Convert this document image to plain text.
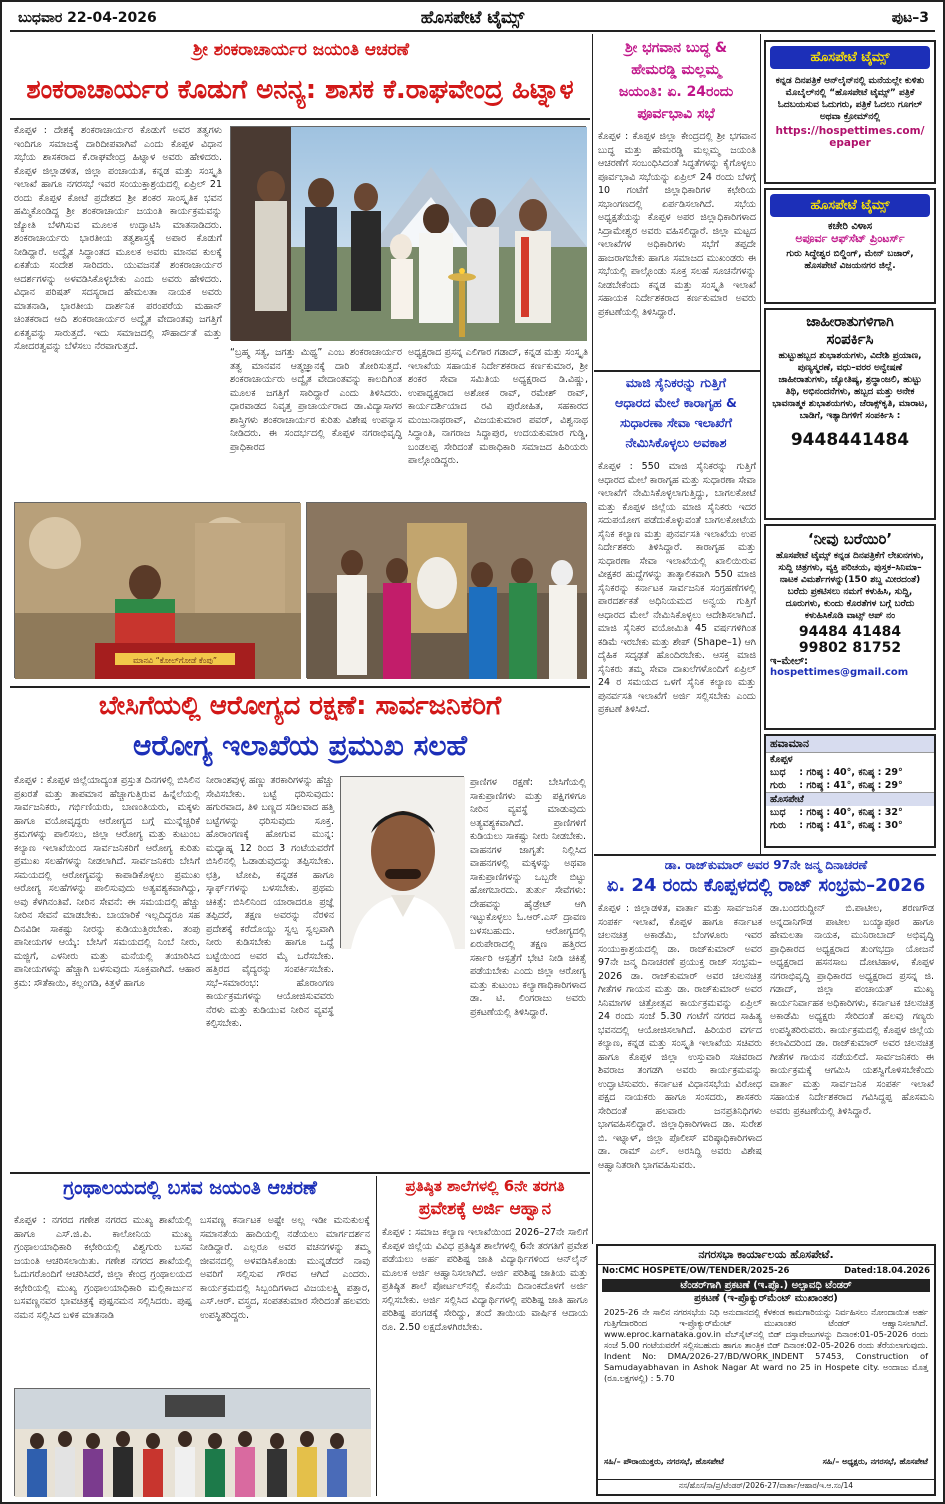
ಬುಧವಾರ 22-04-2026	ಹೊಸಪೇಟೆ ಟೈಮ್ಸ್	ಪುಟ–3
ಶ್ರೀ ಶಂಕರಾಚಾರ್ಯರ ಜಯಂತಿ ಆಚರಣೆ
ಶಂಕರಾಚಾರ್ಯರ ಕೊಡುಗೆ ಅನನ್ಯ: ಶಾಸಕ ಕೆ.ರಾಘವೇಂದ್ರ ಹಿಟ್ನಾಳ
ಕೊಪ್ಪಳ : ದೇಶಕ್ಕೆ ಶಂಕರಾಚಾರ್ಯರ ಕೊಡುಗೆ ಅವರ ತತ್ವಗಳು ಇಂದಿಗೂ ಸಮಾಜಕ್ಕೆ ದಾರಿದೀಪವಾಗಿವೆ ಎಂದು ಕೊಪ್ಪಳ ವಿಧಾನ ಸಭೆಯ ಶಾಸಕರಾದ ಕೆ.ರಾಘವೇಂದ್ರ ಹಿಟ್ನಾಳ ಅವರು ಹೇಳಿದರು. ಕೊಪ್ಪಳ ಜಿಲ್ಲಾಡಳಿತ, ಜಿಲ್ಲಾ ಪಂಚಾಯತ, ಕನ್ನಡ ಮತ್ತು ಸಂಸ್ಕೃತಿ ಇಲಾಖೆ ಹಾಗೂ ನಗರಸಭೆ ಇವರ ಸಂಯುಕ್ತಾಶ್ರಯದಲ್ಲಿ ಏಪ್ರಿಲ್ 21 ರಂದು ಕೊಪ್ಪಳ ಕೋಟೆ ಪ್ರದೇಶದ ಶ್ರೀ ಶಂಕರ ಸಾಂಸ್ಕೃತಿಕ ಭವನ ಹಮ್ಮಿಕೊಂಡಿದ್ದ ಶ್ರೀ ಶಂಕರಾಚಾರ್ಯ ಜಯಂತಿ ಕಾರ್ಯಕ್ರಮವನ್ನು ಜ್ಯೋತಿ ಬೆಳಗಿಸುವ ಮೂಲಕ ಉದ್ಘಾಟಿಸಿ ಮಾತನಾಡಿದರು. ಶಂಕರಾಚಾರ್ಯರು ಭಾರತೀಯ ತತ್ವಶಾಸ್ತ್ರಕ್ಕೆ ಅಪಾರ ಕೊಡುಗೆ ನೀಡಿದ್ದಾರೆ. ಅದ್ವೈತ ಸಿದ್ಧಾಂತದ ಮೂಲಕ ಅವರು ಮಾನವ ಕುಲಕ್ಕೆ ಏಕತೆಯ ಸಂದೇಶ ಸಾರಿದರು. ಯುವಜನತೆ ಶಂಕರಾಚಾರ್ಯರ ಆದರ್ಶಗಳನ್ನು ಅಳವಡಿಸಿಕೊಳ್ಳಬೇಕು ಎಂದು ಅವರು ಹೇಳಿದರು. ವಿಧಾನ ಪರಿಷತ್ ಸದಸ್ಯರಾದ ಹೇಮಲತಾ ನಾಯಕ ಅವರು ಮಾತನಾಡಿ, ಭಾರತೀಯ ದಾರ್ಶನಿಕ ಪರಂಪರೆಯ ಮಹಾನ್ ಚಿಂತಕರಾದ ಆದಿ ಶಂಕರಾಚಾರ್ಯರ ಅದ್ವೈತ ವೇದಾಂತವು ಜಗತ್ತಿಗೆ ಏಕತ್ವವನ್ನು ಸಾರುತ್ತದೆ. ಇದು ಸಮಾಜದಲ್ಲಿ ಸೌಹಾರ್ದತೆ ಮತ್ತು ಸೋದರತ್ವವನ್ನು ಬೆಳೆಸಲು ನೆರವಾಗುತ್ತದೆ.
“ಬ್ರಹ್ಮ ಸತ್ಯ, ಜಗತ್ತು ಮಿಥ್ಯ” ಎಂಬ ಶಂಕರಾಚಾರ್ಯರ ತತ್ವ ಮಾನವನ ಆತ್ಮಜ್ಞಾನಕ್ಕೆ ದಾರಿ ತೋರಿಸುತ್ತದೆ. ಶಂಕರಾಚಾರ್ಯರು ಅದ್ವೈತ ವೇದಾಂತವನ್ನು ಕಾಲದಿಗಿಂತ ಮೂಲಕ ಜಗತ್ತಿಗೆ ಸಾರಿದ್ದಾರೆ ಎಂದು ತಿಳಿಸಿದರು. ಧಾರವಾಡದ ನಿವೃತ್ತ ಪ್ರಾಚಾರ್ಯರಾದ ಡಾ.ವಿದ್ಯಾಸಾಗರ ಶಾಸ್ತ್ರಿಗಳು ಶಂಕರಾಚಾರ್ಯರ ಕುರಿತು ವಿಶೇಷ ಉಪನ್ಯಾಸ ನೀಡಿದರು. ಈ ಸಂದರ್ಭದಲ್ಲಿ ಕೊಪ್ಪಳ ನಗರಾಭಿವೃದ್ಧಿ ಪ್ರಾಧಿಕಾರದ
ಅಧ್ಯಕ್ಷರಾದ ಪ್ರಸನ್ನ ಎಲಿಗಾರ ಗಡಾದ್, ಕನ್ನಡ ಮತ್ತು ಸಂಸ್ಕೃತಿ ಇಲಾಖೆಯ ಸಹಾಯಕ ನಿರ್ದೇಶಕರಾದ ಕರ್ಣಕುಮಾರ, ಶ್ರೀ ಶಂಕರ ಸೇವಾ ಸಮಿತಿಯ ಅಧ್ಯಕ್ಷರಾದ ಡಿ.ವಿಷ್ಣು, ಉಪಾಧ್ಯಕ್ಷರಾದ ಅಶೋಕ ರಾವ್, ರಮೇಶ್ ರಾವ್, ಕಾರ್ಯದರ್ಶಿಯಾದ ರವಿ ಪುರೋಹಿತ, ಸಹಕಾರದ ಮಂಜುನಾಥರಾವ್, ವಿಜಯಕುಮಾರ ಪವರ್, ವಿಶ್ವನಾಥ ಸಿದ್ಧಾಂತಿ, ನಾಗರಾಜ ಸಿದ್ದಾಪುರ, ಉದಯಕುಮಾರ ಗುಡ್ಡಿ, ಬಂಡಲಪ್ಪ ಸೇರಿದಂತೆ ಮಠಾಧಿಕಾರಿ ಸಮಾಜದ ಹಿರಿಯರು ಪಾಲ್ಗೊಂಡಿದ್ದರು.
ಮಾನವಿ “ಕೋಲ್‌ಗೋಡೆ ಕೆಂಪು”
ಬೇಸಿಗೆಯಲ್ಲಿ ಆರೋಗ್ಯದ ರಕ್ಷಣೆ: ಸಾರ್ವಜನಿಕರಿಗೆ
ಆರೋಗ್ಯ ಇಲಾಖೆಯ ಪ್ರಮುಖ ಸಲಹೆ
ಕೊಪ್ಪಳ : ಕೊಪ್ಪಳ ಜಿಲ್ಲೆಯಾದ್ಯಂತ ಪ್ರಸ್ತುತ ದಿನಗಳಲ್ಲಿ ಬಿಸಿಲಿನ ಪ್ರಖರತೆ ಮತ್ತು ತಾಪಮಾನ ಹೆಚ್ಚಾಗುತ್ತಿರುವ ಹಿನ್ನೆಲೆಯಲ್ಲಿ ಸಾರ್ವಜನಿಕರು, ಗರ್ಭಿಣಿಯರು, ಬಾಣಂತಿಯರು, ಮಕ್ಕಳು ಹಾಗೂ ವಯೋವೃದ್ಧರು ಆರೋಗ್ಯದ ಬಗ್ಗೆ ಮುನ್ನೆಚ್ಚರಿಕೆ ಕ್ರಮಗಳನ್ನು ಪಾಲಿಸಲು, ಜಿಲ್ಲಾ ಆರೋಗ್ಯ ಮತ್ತು ಕುಟುಂಬ ಕಲ್ಯಾಣ ಇಲಾಖೆಯಿಂದ ಸಾರ್ವಜನಿಕರಿಗೆ ಆರೋಗ್ಯ ಕುರಿತು ಪ್ರಮುಖ ಸಲಹೆಗಳನ್ನು ನೀಡಲಾಗಿದೆ. ಸಾರ್ವಜನಿಕರು ಬೇಸಿಗೆ ಸಮಯದಲ್ಲಿ ಆರೋಗ್ಯವನ್ನು ಕಾಪಾಡಿಕೊಳ್ಳಲು ಪ್ರಮುಖ ಆರೋಗ್ಯ ಸಲಹೆಗಳನ್ನು ಪಾಲಿಸುವುದು ಅತ್ಯವಶ್ಯಕವಾಗಿದ್ದು, ಅವು ಕೆಳಗಿನಂತಿವೆ. ನೀರಿನ ಸೇವನೆ: ಈ ಸಮಯದಲ್ಲಿ ಹೆಚ್ಚು ನೀರಿನ ಸೇವನೆ ಮಾಡಬೇಕು. ಬಾಯಾರಿಕೆ ಇಲ್ಲದಿದ್ದರೂ ಸಹ ದಿನವಿಡೀ ಸಾಕಷ್ಟು ನೀರನ್ನು ಕುಡಿಯುತ್ತಿರಬೇಕು. ತಂಪು ಪಾನೀಯಗಳ ಆಯ್ಕೆ: ಬೇಸಿಗೆ ಸಮಯದಲ್ಲಿ ನಿಂಬೆ ನೀರು, ಮಜ್ಜಿಗೆ, ಎಳನೀರು ಮತ್ತು ಮನೆಯಲ್ಲಿ ತಯಾರಿಸಿದ ಪಾನೀಯಗಳನ್ನು ಹೆಚ್ಚಾಗಿ ಬಳಸುವುದು ಸೂಕ್ತವಾಗಿದೆ. ಆಹಾರ ಕ್ರಮ: ಸೌತೆಕಾಯಿ, ಕಲ್ಲಂಗಡಿ, ಕಿತ್ತಳೆ ಹಾಗೂ
ನೀರಾಂಶವುಳ್ಳ ಹಣ್ಣು ತರಕಾರಿಗಳನ್ನು ಹೆಚ್ಚು ಸೇವಿಸಬೇಕು. ಬಟ್ಟೆ ಧರಿಸುವುದು: ಹಗುರವಾದ, ತಿಳಿ ಬಣ್ಣದ ಸಡಿಲವಾದ ಹತ್ತಿ ಬಟ್ಟೆಗಳನ್ನು ಧರಿಸುವುದು ಸೂಕ್ತ. ಹೊರಾಂಗಣಕ್ಕೆ ಹೋಗುವ ಮುನ್ನ: ಮಧ್ಯಾಹ್ನ 12 ರಿಂದ 3 ಗಂಟೆಯವರೆಗೆ ಬಿಸಿಲಿನಲ್ಲಿ ಓಡಾಡುವುದನ್ನು ತಪ್ಪಿಸಬೇಕು. ಛತ್ರಿ, ಟೋಪಿ, ಕನ್ನಡಕ ಹಾಗೂ ಸ್ಕಾರ್ಫ್‌ಗಳನ್ನು ಬಳಸಬೇಕು. ಪ್ರಥಮ ಚಿಕಿತ್ಸೆ: ಬಿಸಿಲಿನಿಂದ ಯಾರಾದರೂ ಪ್ರಜ್ಞೆ ತಪ್ಪಿದರೆ, ತಕ್ಷಣ ಅವರನ್ನು ನೆರಳಿನ ಪ್ರದೇಶಕ್ಕೆ ಕರೆದೊಯ್ದು ಸ್ವಲ್ಪ ಸ್ವಲ್ಪವಾಗಿ ನೀರು ಕುಡಿಸಬೇಕು ಹಾಗೂ ಒದ್ದೆ ಬಟ್ಟೆಯಿಂದ ಅವರ ಮೈ ಒರೆಸಬೇಕು. ಹತ್ತಿರದ ವೈದ್ಯರನ್ನು ಸಂಪರ್ಕಿಸಬೇಕು. ಸಭೆ–ಸಮಾರಂಭ: ಹೊರಾಂಗಣ ಕಾರ್ಯಕ್ರಮಗಳನ್ನು ಆಯೋಜಿಸುವವರು ನೆರಳು ಮತ್ತು ಕುಡಿಯುವ ನೀರಿನ ವ್ಯವಸ್ಥೆ ಕಲ್ಪಿಸಬೇಕು.
ಪ್ರಾಣಿಗಳ ರಕ್ಷಣೆ: ಬೇಸಿಗೆಯಲ್ಲಿ ಸಾಕುಪ್ರಾಣಿಗಳು ಮತ್ತು ಪಕ್ಷಿಗಳಿಗೂ ನೀರಿನ ವ್ಯವಸ್ಥೆ ಮಾಡುವುದು ಅತ್ಯವಶ್ಯಕವಾಗಿದೆ. ಪ್ರಾಣಿಗಳಿಗೆ ಕುಡಿಯಲು ಸಾಕಷ್ಟು ನೀರು ನೀಡಬೇಕು. ವಾಹನಗಳ ಜಾಗೃತೆ: ನಿಲ್ಲಿಸಿದ ವಾಹನಗಳಲ್ಲಿ ಮಕ್ಕಳನ್ನು ಅಥವಾ ಸಾಕುಪ್ರಾಣಿಗಳನ್ನು ಒಬ್ಬರೇ ಬಿಟ್ಟು ಹೋಗಬಾರದು. ತುರ್ತು ಸೇವೆಗಳು: ದೇಹವನ್ನು ಹೈಡ್ರೇಟ್ ಆಗಿ ಇಟ್ಟುಕೊಳ್ಳಲು ಓ.ಆರ್.ಎಸ್ ದ್ರಾವಣ ಬಳಸಬಹುದು. ಆರೋಗ್ಯದಲ್ಲಿ ಏರುಪೇರಾದಲ್ಲಿ ತಕ್ಷಣ ಹತ್ತಿರದ ಸರ್ಕಾರಿ ಆಸ್ಪತ್ರೆಗೆ ಭೇಟಿ ನೀಡಿ ಚಿಕಿತ್ಸೆ ಪಡೆಯಬೇಕು ಎಂದು ಜಿಲ್ಲಾ ಆರೋಗ್ಯ ಮತ್ತು ಕುಟುಂಬ ಕಲ್ಯಾಣಾಧಿಕಾರಿಗಳಾದ ಡಾ. ಟಿ. ಲಿಂಗರಾಜು ಅವರು ಪ್ರಕಟಣೆಯಲ್ಲಿ ತಿಳಿಸಿದ್ದಾರೆ.
ಗ್ರಂಥಾಲಯದಲ್ಲಿ ಬಸವ ಜಯಂತಿ ಆಚರಣೆ
ಕೊಪ್ಪಳ : ನಗರದ ಗಣೇಶ ನಗರದ ಮುಖ್ಯ ಶಾಖೆಯಲ್ಲಿ ಹಾಗೂ ಎಸ್.ಜಿ.ಪಿ. ಕಾಲೋನಿಯ ಮುಖ್ಯ ಗ್ರಂಥಾಲಯಾಧಿಕಾರಿ ಕಛೇರಿಯಲ್ಲಿ ವಿಶ್ವಗುರು ಬಸವ ಜಯಂತಿ ಆಚರಿಸಲಾಯಿತು. ಗಣೇಶ ನಗರದ ಶಾಖೆಯಲ್ಲಿ ಓದುಗರೊಂದಿಗೆ ಆಚರಿಸಿದರೆ, ಜಿಲ್ಲಾ ಕೇಂದ್ರ ಗ್ರಂಥಾಲಯದ ಕಛೇರಿಯಲ್ಲಿ ಮುಖ್ಯ ಗ್ರಂಥಾಲಯಾಧಿಕಾರಿ ಮಲ್ಲಿಕಾರ್ಜುನ ಬಸವಣ್ಣನವರ ಭಾವಚಿತ್ರಕ್ಕೆ ಪುಷ್ಪನಮನ ಸಲ್ಲಿಸಿದರು. ಪುಷ್ಪ ನಮನ ಸಲ್ಲಿಸಿದ ಬಳಿಕ ಮಾತನಾಡಿ
ಬಸವಣ್ಣ ಕರ್ನಾಟಕ ಅಷ್ಟೇ ಅಲ್ಲ ಇಡೀ ಮನುಕುಲಕ್ಕೆ ಸಮಾನತೆಯ ಹಾದಿಯಲ್ಲಿ ನಡೆಯಲು ಮಾರ್ಗದರ್ಶನ ನೀಡಿದ್ದಾರೆ. ಎಲ್ಲರೂ ಅವರ ವಚನಗಳನ್ನು ತಮ್ಮ ಜೀವನದಲ್ಲಿ ಅಳವಡಿಸಿಕೊಂಡು ಮುನ್ನಡೆದರೆ ನಾವು ಅವರಿಗೆ ಸಲ್ಲಿಸುವ ಗೌರವ ಆಗಿದೆ ಎಂದರು. ಕಾರ್ಯಕ್ರಮದಲ್ಲಿ ಸಿಬ್ಬಂದಿಗಳಾದ ವಿಜಯಲಕ್ಷ್ಮಿ ಪತ್ತಾರ, ಎಸ್.ಆರ್. ವಸ್ತ್ರದ, ಸಂಪತಕುಮಾರ ಸೇರಿದಂತೆ ಹಲವರು ಉಪಸ್ಥಿತರಿದ್ದರು.
ಪ್ರತಿಷ್ಠಿತ ಶಾಲೆಗಳಲ್ಲಿ 6ನೇ ತರಗತಿ
ಪ್ರವೇಶಕ್ಕೆ ಅರ್ಜಿ ಆಹ್ವಾನ
ಕೊಪ್ಪಳ : ಸಮಾಜ ಕಲ್ಯಾಣ ಇಲಾಖೆಯಿಂದ 2026–27ನೇ ಸಾಲಿಗೆ ಕೊಪ್ಪಳ ಜಿಲ್ಲೆಯ ವಿವಿಧ ಪ್ರತಿಷ್ಠಿತ ಶಾಲೆಗಳಲ್ಲಿ 6ನೇ ತರಗತಿಗೆ ಪ್ರವೇಶ ಪಡೆಯಲು ಅರ್ಹ ಪರಿಶಿಷ್ಟ ಜಾತಿ ವಿದ್ಯಾರ್ಥಿಗಳಿಂದ ಆನ್‌ಲೈನ್ ಮೂಲಕ ಅರ್ಜಿ ಆಹ್ವಾನಿಸಲಾಗಿದೆ. ಅರ್ಜಿ ಪರಿಶಿಷ್ಟ ಜಾತಿಯ ಮತ್ತು ಪ್ರತಿಷ್ಠಿತ ಶಾಲೆ ಪೋರ್ಟಲ್‌ನಲ್ಲಿ ಕೊನೆಯ ದಿನಾಂಕದೊಳಗೆ ಅರ್ಜಿ ಸಲ್ಲಿಸಬೇಕು. ಅರ್ಜಿ ಸಲ್ಲಿಸಿದ ವಿದ್ಯಾರ್ಥಿಗಳಲ್ಲಿ ಪರಿಶಿಷ್ಟ ಜಾತಿ ಹಾಗೂ ಪರಿಶಿಷ್ಟ ಪಂಗಡಕ್ಕೆ ಸೇರಿದ್ದು, ತಂದೆ ತಾಯಿಯ ವಾರ್ಷಿಕ ಆದಾಯ ರೂ. 2.50 ಲಕ್ಷದೊಳಗಿರಬೇಕು.
ಶ್ರೀ ಭಗವಾನ ಬುದ್ಧ &
ಹೇಮರಡ್ಡಿ ಮಲ್ಲಮ್ಮ
ಜಯಂತಿ: ಏ. 24ರಂದು
ಪೂರ್ವಭಾವಿ ಸಭೆ
ಕೊಪ್ಪಳ : ಕೊಪ್ಪಳ ಜಿಲ್ಲಾ ಕೇಂದ್ರದಲ್ಲಿ ಶ್ರೀ ಭಗವಾನ ಬುದ್ಧ ಮತ್ತು ಹೇಮರಡ್ಡಿ ಮಲ್ಲಮ್ಮ ಜಯಂತಿ ಆಚರಣೆಗೆ ಸಂಬಂಧಿಸಿದಂತೆ ಸಿದ್ಧತೆಗಳನ್ನು ಕೈಗೊಳ್ಳಲು ಪೂರ್ವಭಾವಿ ಸಭೆಯನ್ನು ಏಪ್ರಿಲ್ 24 ರಂದು ಬೆಳಗ್ಗೆ 10 ಗಂಟೆಗೆ ಜಿಲ್ಲಾಧಿಕಾರಿಗಳ ಕಛೇರಿಯ ಸಭಾಂಗಣದಲ್ಲಿ ಏರ್ಪಡಿಸಲಾಗಿದೆ. ಸಭೆಯ ಅಧ್ಯಕ್ಷತೆಯನ್ನು ಕೊಪ್ಪಳ ಅಪರ ಜಿಲ್ಲಾಧಿಕಾರಿಗಳಾದ ಸಿದ್ರಾಮೇಶ್ವರ ಅವರು ವಹಿಸಲಿದ್ದಾರೆ. ಜಿಲ್ಲಾ ಮಟ್ಟದ ಇಲಾಖೆಗಳ ಅಧಿಕಾರಿಗಳು ಸಭೆಗೆ ತಪ್ಪದೇ ಹಾಜರಾಗಬೇಕು ಹಾಗೂ ಸಮಾಜದ ಮುಖಂಡರು ಈ ಸಭೆಯಲ್ಲಿ ಪಾಲ್ಗೊಂಡು ಸೂಕ್ತ ಸಲಹೆ ಸೂಚನೆಗಳನ್ನು ನೀಡಬೇಕೆಂದು ಕನ್ನಡ ಮತ್ತು ಸಂಸ್ಕೃತಿ ಇಲಾಖೆ ಸಹಾಯಕ ನಿರ್ದೇಶಕರಾದ ಕರ್ಣಕುಮಾರ ಅವರು ಪ್ರಕಟಣೆಯಲ್ಲಿ ತಿಳಿಸಿದ್ದಾರೆ.
ಮಾಜಿ ಸೈನಿಕರನ್ನು ಗುತ್ತಿಗೆ
ಆಧಾರದ ಮೇಲೆ ಕಾರಾಗೃಹ &
ಸುಧಾರಣಾ ಸೇವಾ ಇಲಾಖೆಗೆ
ನೇಮಿಸಿಕೊಳ್ಳಲು ಅವಕಾಶ
ಕೊಪ್ಪಳ : 550 ಮಾಜಿ ಸೈನಿಕರನ್ನು ಗುತ್ತಿಗೆ ಆಧಾರದ ಮೇಲೆ ಕಾರಾಗೃಹ ಮತ್ತು ಸುಧಾರಣಾ ಸೇವಾ ಇಲಾಖೆಗೆ ನೇಮಿಸಿಕೊಳ್ಳಲಾಗುತ್ತಿದ್ದು, ಬಾಗಲಕೋಟೆ ಮತ್ತು ಕೊಪ್ಪಳ ಜಿಲ್ಲೆಯ ಮಾಜಿ ಸೈನಿಕರು ಇದರ ಸದುಪಯೋಗ ಪಡೆದುಕೊಳ್ಳುವಂತೆ ಬಾಗಲಕೋಟೆಯ ಸೈನಿಕ ಕಲ್ಯಾಣ ಮತ್ತು ಪುನರ್ವಸತಿ ಇಲಾಖೆಯ ಉಪ ನಿರ್ದೇಶಕರು ತಿಳಿಸಿದ್ದಾರೆ. ಕಾರಾಗೃಹ ಮತ್ತು ಸುಧಾರಣಾ ಸೇವಾ ಇಲಾಖೆಯಲ್ಲಿ ಖಾಲಿಯಿರುವ ವೀಕ್ಷಕರ ಹುದ್ದೆಗಳನ್ನು ತಾತ್ಕಾಲಿಕವಾಗಿ 550 ಮಾಜಿ ಸೈನಿಕರನ್ನು ಕರ್ನಾಟಕ ಸಾರ್ವಜನಿಕ ಸಂಗ್ರಹಣೆಗಳಲ್ಲಿ ಪಾರದರ್ಶಕತೆ ಅಧಿನಿಯಮದ ಅನ್ವಯ ಗುತ್ತಿಗೆ ಆಧಾರದ ಮೇಲೆ ನೇಮಿಸಿಕೊಳ್ಳಲು ಆದೇಶಿಸಲಾಗಿದೆ. ಮಾಜಿ ಸೈನಿಕರ ವಯೋಮಿತಿ 45 ವರ್ಷಗಳಿಗಿಂತ ಕಡಿಮೆ ಇರಬೇಕು ಮತ್ತು ಶೇಪ್ (Shape–1) ಆಗಿ ದೈಹಿಕ ಸದೃಢತೆ ಹೊಂದಿರಬೇಕು. ಆಸಕ್ತ ಮಾಜಿ ಸೈನಿಕರು ತಮ್ಮ ಸೇವಾ ದಾಖಲೆಗಳೊಂದಿಗೆ ಏಪ್ರಿಲ್ 24 ರ ಸಮಯದ ಒಳಗೆ ಸೈನಿಕ ಕಲ್ಯಾಣ ಮತ್ತು ಪುನರ್ವಸತಿ ಇಲಾಖೆಗೆ ಅರ್ಜಿ ಸಲ್ಲಿಸಬೇಕು ಎಂದು ಪ್ರಕಟಣೆ ತಿಳಿಸಿದೆ.
ಹೊಸಪೇಟೆ ಟೈಮ್ಸ್
ಕನ್ನಡ ದಿನಪತ್ರಿಕೆ ಆನ್‌ಲೈನ್‌ನಲ್ಲಿ ಮನೆಯಲ್ಲೇ ಕುಳಿತು ಮೊಬೈಲ್‌ನಲ್ಲಿ “ಹೊಸಪೇಟೆ ಟೈಮ್ಸ್” ಪತ್ರಿಕೆ ಓದಬಯಸುವ ಓದುಗರು, ಪತ್ರಿಕೆ ಓದಲು ಗೂಗಲ್ ಅಥವಾ ಕ್ರೋಮ್‌ನಲ್ಲಿ
https://hospettimes.com/
epaper
ಹೊಸಪೇಟೆ ಟೈಮ್ಸ್
ಕಚೇರಿ ವಿಳಾಸ
ಅಪೂರ್ವ ಆಫ್‌ಸೆಟ್ ಪ್ರಿಂಟರ್ಸ್
ಗುರು ಸಿದ್ಧೇಶ್ವರ ಬಿಲ್ಡಿಂಗ್, ಮೇನ್ ಬಜಾರ್, ಹೊಸಪೇಟೆ ವಿಜಯನಗರ ಜಿಲ್ಲೆ.
ಜಾಹೀರಾತುಗಳಿಗಾಗಿ
ಸಂಪರ್ಕಿಸಿ
ಹುಟ್ಟುಹಬ್ಬದ ಶುಭಾಶಯಗಳು, ವಿದೇಶಿ ಪ್ರಯಾಣ, ಪುಣ್ಯಸ್ಮರಣೆ, ವಧು–ವರರ ಅನ್ವೇಷಣೆ ಜಾಹೀರಾತುಗಳು, ಜ್ಯೋತಿಷ್ಯ, ಶ್ರದ್ಧಾಂಜಲಿ, ಹುಟ್ಟು ತಿಥಿ, ಅಭಿನಂದನೆಗಳು, ಹಬ್ಬದ ಮತ್ತು ಅನೇಕ ಭಾವನಾತ್ಮಕ ಶುಭಾಶಯಗಳು, ಜೆರಾಕ್ಸ್‌ಕೃತಿ, ಮಾರಾಟ, ಬಾಡಿಗೆ, ಇತ್ಯಾದಿಗಳಿಗೆ ಸಂಪರ್ಕಿಸಿ :
9448441484
‘ನೀವು ಬರೆಯಿರಿ’
ಹೊಸಪೇಟೆ ಟೈಮ್ಸ್ ಕನ್ನಡ ದಿನಪತ್ರಿಕೆಗೆ ಲೇಖನಗಳು, ಸುದ್ದಿ ಚಿತ್ರಗಳು, ವ್ಯಕ್ತಿ ಪರಿಚಯ, ಪುಸ್ತಕ–ಸಿನಿಮಾ–ನಾಟಕ ವಿಮರ್ಶೆಗಳನ್ನು(150 ಶಬ್ದ ಮೀರದಂತೆ) ಬರೆದು ಪ್ರಕಟಿಸಲು ನಮಗೆ ಕಳುಹಿಸಿ, ಸುದ್ದಿ, ದೂರುಗಳು, ಕುಂದು ಕೊರತೆಗಳ ಬಗ್ಗೆ ಬರೆದು ಕಳುಹಿಸಿಕೊಡಿ ವಾಟ್ಸ್ ಆಪ್ ನಂ
94484 41484
99802 81752
ಇ–ಮೇಲ್: hospettimes@gmail.com
ಹವಾಮಾನ
ಕೊಪ್ಪಳ
ಬುಧ : ಗರಿಷ್ಠ : 40°, ಕನಿಷ್ಠ : 29°
ಗುರು : ಗರಿಷ್ಠ : 41°, ಕನಿಷ್ಠ : 29°
ಹೊಸಪೇಟೆ
ಬುಧ : ಗರಿಷ್ಠ : 40°, ಕನಿಷ್ಠ : 32°
ಗುರು : ಗರಿಷ್ಠ : 41°, ಕನಿಷ್ಠ : 30°
ಡಾ. ರಾಜ್‌ಕುಮಾರ್ ಅವರ 97ನೇ ಜನ್ಮ ದಿನಾಚರಣೆ
ಏ. 24 ರಂದು ಕೊಪ್ಪಳದಲ್ಲಿ ರಾಜ್ ಸಂಭ್ರಮ–2026
ಕೊಪ್ಪಳ : ಜಿಲ್ಲಾಡಳಿತ, ವಾರ್ತಾ ಮತ್ತು ಸಾರ್ವಜನಿಕ ಸಂಪರ್ಕ ಇಲಾಖೆ, ಕೊಪ್ಪಳ ಹಾಗೂ ಕರ್ನಾಟಕ ಚಲನಚಿತ್ರ ಅಕಾಡೆಮಿ, ಬೆಂಗಳೂರು ಇವರ ಸಂಯುಕ್ತಾಶ್ರಯದಲ್ಲಿ ಡಾ. ರಾಜ್‌ಕುಮಾರ್ ಅವರ 97ನೇ ಜನ್ಮ ದಿನಾಚರಣೆ ಪ್ರಯುಕ್ತ ರಾಜ್ ಸಂಭ್ರಮ–2026 ಡಾ. ರಾಜ್‌ಕುಮಾರ್ ಅವರ ಚಲನಚಿತ್ರ ಗೀತೆಗಳ ಗಾಯನ ಮತ್ತು ಡಾ. ರಾಜ್‌ಕುಮಾರ್ ಅವರ ಸಿನಿಮಾಗಳ ಚಿತ್ರೋತ್ಸವ ಕಾರ್ಯಕ್ರಮವನ್ನು ಏಪ್ರಿಲ್ 24 ರಂದು ಸಂಜೆ 5.30 ಗಂಟೆಗೆ ನಗರದ ಸಾಹಿತ್ಯ ಭವನದಲ್ಲಿ ಆಯೋಜಿಸಲಾಗಿದೆ. ಹಿರಿಯರ ವರ್ಗದ ಕಲ್ಯಾಣ, ಕನ್ನಡ ಮತ್ತು ಸಂಸ್ಕೃತಿ ಇಲಾಖೆಯ ಸಚಿವರು ಹಾಗೂ ಕೊಪ್ಪಳ ಜಿಲ್ಲಾ ಉಸ್ತುವಾರಿ ಸಚಿವರಾದ ಶಿವರಾಜ ತಂಗಡಗಿ ಅವರು ಕಾರ್ಯಕ್ರಮವನ್ನು ಉದ್ಘಾಟಿಸುವರು. ಕರ್ನಾಟಕ ವಿಧಾನಸಭೆಯ ವಿರೋಧ ಪಕ್ಷದ ನಾಯಕರು ಹಾಗೂ ಸಂಸದರು, ಶಾಸಕರು ಸೇರಿದಂತೆ ಹಲವಾರು ಜನಪ್ರತಿನಿಧಿಗಳು ಭಾಗವಹಿಸಲಿದ್ದಾರೆ. ಜಿಲ್ಲಾಧಿಕಾರಿಗಳಾದ ಡಾ. ಸುರೇಶ ಬಿ. ಇಟ್ನಾಳ್, ಜಿಲ್ಲಾ ಪೊಲೀಸ್ ವರಿಷ್ಠಾಧಿಕಾರಿಗಳಾದ ಡಾ. ರಾಮ್ ಎಲ್. ಅರಸಿದ್ದಿ ಅವರು ವಿಶೇಷ ಆಹ್ವಾನಿತರಾಗಿ ಭಾಗವಹಿಸುವರು.
ಡಾ.ಬಂದರುದ್ದೀನ್ ಬಿ.ಪಾಟೀಲ, ಶರಣಗೌಡ ಅನ್ನದಾನಿಗೌಡ ಪಾಟೀಲ ಬಯ್ಯಾಪೂರ ಹಾಗೂ ಹೇಮಲತಾ ನಾಯಕ, ಮುನಿರಾಬಾದ್ ಅಭಿವೃದ್ಧಿ ಪ್ರಾಧಿಕಾರದ ಅಧ್ಯಕ್ಷರಾದ ತುಂಗಭದ್ರಾ ಯೋಜನೆ ಅಧ್ಯಕ್ಷರಾದ ಹಸನಸಾಬ ದೋಟಿಹಾಳ, ಕೊಪ್ಪಳ ನಗರಾಭಿವೃದ್ಧಿ ಪ್ರಾಧಿಕಾರದ ಅಧ್ಯಕ್ಷರಾದ ಪ್ರಸನ್ನ ಜಿ. ಗಡಾದ್, ಜಿಲ್ಲಾ ಪಂಚಾಯತ್ ಮುಖ್ಯ ಕಾರ್ಯನಿರ್ವಾಹಕ ಅಧಿಕಾರಿಗಳು, ಕರ್ನಾಟಕ ಚಲನಚಿತ್ರ ಅಕಾಡೆಮಿ ಅಧ್ಯಕ್ಷರು ಸೇರಿದಂತೆ ಹಲವು ಗಣ್ಯರು ಉಪಸ್ಥಿತರಿರುವರು. ಕಾರ್ಯಕ್ರಮದಲ್ಲಿ ಕೊಪ್ಪಳ ಜಿಲ್ಲೆಯ ಕಲಾವಿದರಿಂದ ಡಾ. ರಾಜ್‌ಕುಮಾರ್ ಅವರ ಚಲನಚಿತ್ರ ಗೀತೆಗಳ ಗಾಯನ ನಡೆಯಲಿದೆ. ಸಾರ್ವಜನಿಕರು ಈ ಕಾರ್ಯಕ್ರಮಕ್ಕೆ ಆಗಮಿಸಿ ಯಶಸ್ವಿಗೊಳಿಸಬೇಕೆಂದು ವಾರ್ತಾ ಮತ್ತು ಸಾರ್ವಜನಿಕ ಸಂಪರ್ಕ ಇಲಾಖೆ ಸಹಾಯಕ ನಿರ್ದೇಶಕರಾದ ಗವಿಸಿದ್ದಪ್ಪ ಹೊಸಮನಿ ಅವರು ಪ್ರಕಟಣೆಯಲ್ಲಿ ತಿಳಿಸಿದ್ದಾರೆ.
ನಗರಸಭಾ ಕಾರ್ಯಾಲಯ ಹೊಸಪೇಟೆ.
No:CMC HOSPETE/OW/TENDER/2025-26	Dated:18.04.2026
ಟೆಂಡರ್‌ಗಾಗಿ ಪ್ರಕಟಣೆ (ಇ.ಪ್ರೊ.) ಅಲ್ಪಾವಧಿ ಟೆಂಡರ್
ಪ್ರಕಟಣೆ (ಇ-ಪ್ರೊಕ್ಯುರ್‌ಮೆಂಟ್ ಮುಖಾಂತರ)
2025-26 ನೇ ಸಾಲಿನ ನಗರಸಭೆಯ ನಿಧಿ ಅನುದಾನದಲ್ಲಿ ಕೆಳಕಂಡ ಕಾಮಗಾರಿಯನ್ನು ನಿರ್ವಹಿಸಲು ನೋಂದಾಯಿತ ಅರ್ಹ ಗುತ್ತಿಗೆದಾರರಿಂದ ಇ-ಪ್ರೊಕ್ಯುರ್‌ಮೆಂಟ್ ಮುಖಾಂತರ ಟೆಂಡರ್ ಆಹ್ವಾನಿಸಲಾಗಿದೆ. www.eproc.karnataka.gov.in ವೆಬ್‌ಸೈಟ್‌ನಲ್ಲಿ ಬಿಡ್ ದಸ್ತಾವೇಜುಗಳನ್ನು ದಿನಾಂಕ:01-05-2026 ರಂದು ಸಂಜೆ 5.00 ಗಂಟೆಯವರೆಗೆ ಸಲ್ಲಿಸಬಹುದು ಹಾಗೂ ತಾಂತ್ರಿಕ ಬಿಡ್ ದಿನಾಂಕ:02-05-2026 ರಂದು ತೆರೆಯಲಾಗುವುದು. Indent No: DMA/2026-27/BD/WORK_INDENT 57453, Construction of Samudayabhavan in Ashok Nagar At ward no 25 in Hospete city. ಅಂದಾಜು ಮೊತ್ತ (ರೂ.ಲಕ್ಷಗಳಲ್ಲಿ) : 5.70
ಸಹಿ/– ಪೌರಾಯುಕ್ತರು, ನಗರಸಭೆ, ಹೊಸಪೇಟೆ	ಸಹಿ/– ಅಧ್ಯಕ್ಷರು, ನಗರಸಭೆ, ಹೊಸಪೇಟೆ
ನಸ/ಹೊಸ/ಸಾ/ಪ್ರ/ಟೆಂಡರ್‌/2026-27/ವಾರ್ತಾ/ಆಹಾರ/ಇ.ಆ.ಸಂ/14
